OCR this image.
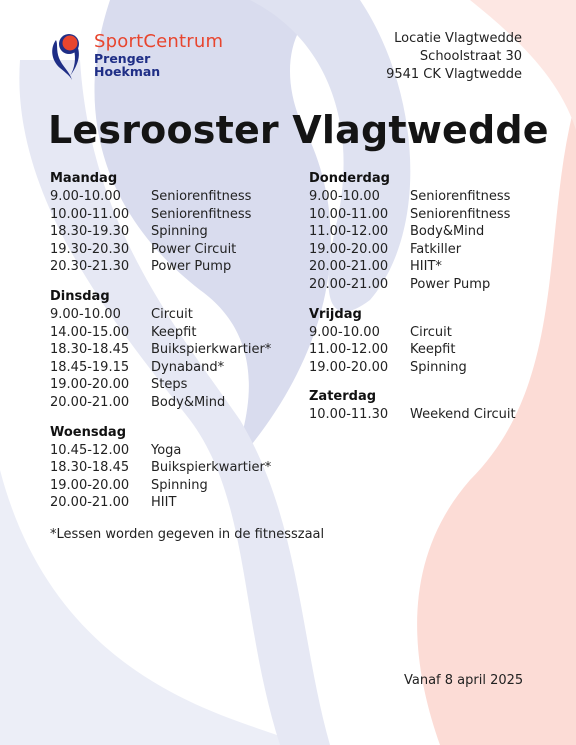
SportCentrum
Prenger
Hoekman
Locatie Vlagtwedde
Schoolstraat 30
9541 CK Vlagtwedde
Lesrooster Vlagtwedde
Maandag
9.00-10.00	Seniorenfitness
10.00-11.00	Seniorenfitness
18.30-19.30	Spinning
19.30-20.30	Power Circuit
20.30-21.30	Power Pump
Dinsdag
9.00-10.00	Circuit
14.00-15.00	Keepfit
18.30-18.45	Buikspierkwartier*
18.45-19.15	Dynaband*
19.00-20.00	Steps
20.00-21.00	Body&Mind
Woensdag
10.45-12.00	Yoga
18.30-18.45	Buikspierkwartier*
19.00-20.00	Spinning
20.00-21.00	HIIT
Donderdag
9.00-10.00	Seniorenfitness
10.00-11.00	Seniorenfitness
11.00-12.00	Body&Mind
19.00-20.00	Fatkiller
20.00-21.00	HIIT*
20.00-21.00	Power Pump
Vrijdag
9.00-10.00	Circuit
11.00-12.00	Keepfit
19.00-20.00	Spinning
Zaterdag
10.00-11.30	Weekend Circuit
*Lessen worden gegeven in de fitnesszaal
Vanaf 8 april 2025
